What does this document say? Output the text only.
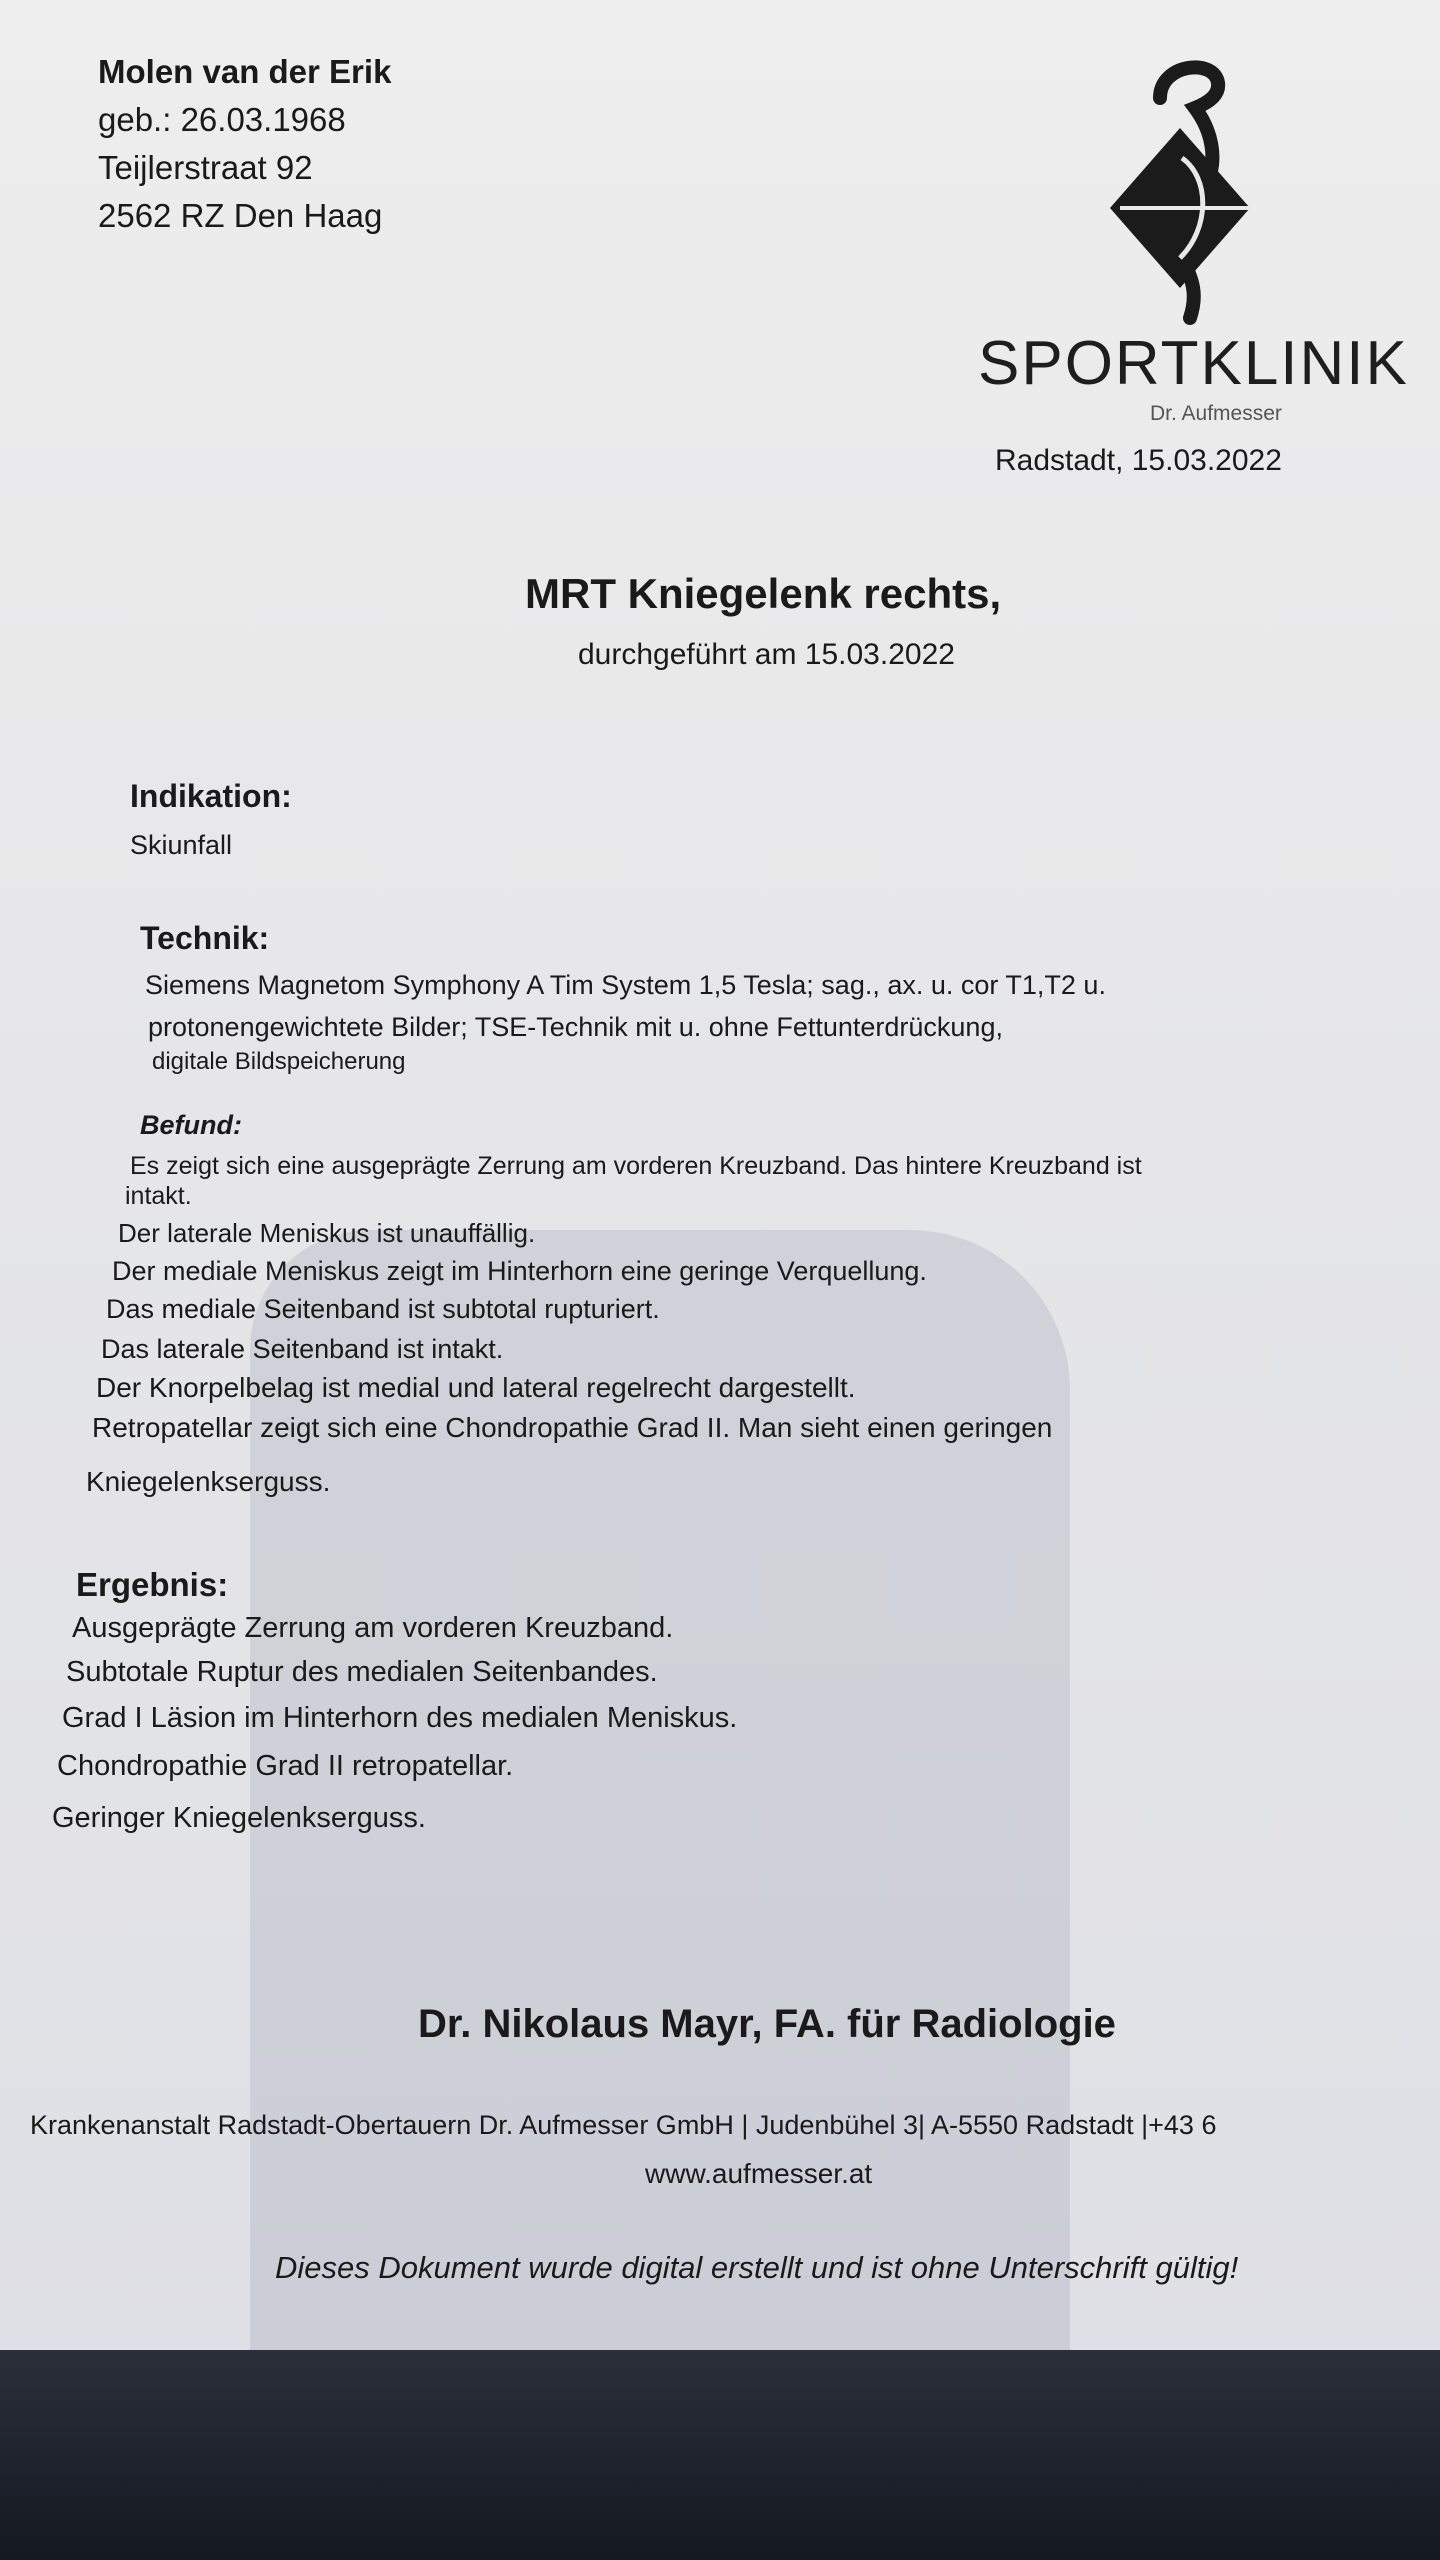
Molen van der Erik
geb.: 26.03.1968
Teijlerstraat 92
2562 RZ Den Haag
SPORTKLINIK
Dr. Aufmesser
Radstadt, 15.03.2022
MRT Kniegelenk rechts,
durchgeführt am 15.03.2022
Indikation:
Skiunfall
Technik:
Siemens Magnetom Symphony A Tim System 1,5 Tesla; sag., ax. u. cor T1,T2 u.
protonengewichtete Bilder; TSE-Technik mit u. ohne Fettunterdrückung,
digitale Bildspeicherung
Befund:
Es zeigt sich eine ausgeprägte Zerrung am vorderen Kreuzband. Das hintere Kreuzband ist
intakt.
Der laterale Meniskus ist unauffällig.
Der mediale Meniskus zeigt im Hinterhorn eine geringe Verquellung.
Das mediale Seitenband ist subtotal rupturiert.
Das laterale Seitenband ist intakt.
Der Knorpelbelag ist medial und lateral regelrecht dargestellt.
Retropatellar zeigt sich eine Chondropathie Grad II. Man sieht einen geringen
Kniegelenkserguss.
Ergebnis:
Ausgeprägte Zerrung am vorderen Kreuzband.
Subtotale Ruptur des medialen Seitenbandes.
Grad I Läsion im Hinterhorn des medialen Meniskus.
Chondropathie Grad II retropatellar.
Geringer Kniegelenkserguss.
Dr. Nikolaus Mayr, FA. für Radiologie
Krankenanstalt Radstadt-Obertauern Dr. Aufmesser GmbH | Judenbühel 3| A-5550 Radstadt |+43 6
www.aufmesser.at
Dieses Dokument wurde digital erstellt und ist ohne Unterschrift gültig!
